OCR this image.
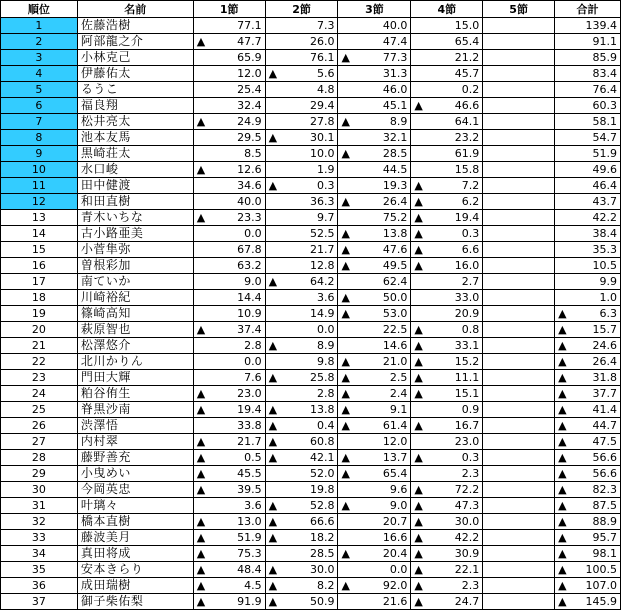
順位	名前	1節	2節	3節	4節	5節	合計
1	佐藤浩樹	77.1	7.3	40.0	15.0		139.4
2	阿部龍之介	▲ 47.7	26.0	47.4	65.4		91.1
3	小林克己	65.9	76.1	▲ 77.3	21.2		85.9
4	伊藤佑太	12.0	▲ 5.6	31.3	45.7		83.4
5	るうこ	25.4	4.8	46.0	0.2		76.4
6	福良翔	32.4	29.4	45.1	▲ 46.6		60.3
7	松井亮太	▲ 24.9	27.8	▲ 8.9	64.1		58.1
8	池本友馬	29.5	▲ 30.1	32.1	23.2		54.7
9	黒崎荘太	8.5	10.0	▲ 28.5	61.9		51.9
10	水口峻	▲ 12.6	1.9	44.5	15.8		49.6
11	田中健渡	34.6	▲ 0.3	19.3	▲ 7.2		46.4
12	和田直樹	40.0	36.3	▲ 26.4	▲ 6.2		43.7
13	青木いちな	▲ 23.3	9.7	75.2	▲ 19.4		42.2
14	古小路亜美	0.0	52.5	▲ 13.8	▲ 0.3		38.4
15	小菅隼弥	67.8	21.7	▲ 47.6	▲ 6.6		35.3
16	曽根彩加	63.2	12.8	▲ 49.5	▲ 16.0		10.5
17	南ていか	9.0	▲ 64.2	62.4	2.7		9.9
18	川崎裕紀	14.4	3.6	▲ 50.0	33.0		1.0
19	篠崎高知	10.9	14.9	▲ 53.0	20.9		▲ 6.3
20	萩原智也	▲ 37.4	0.0	22.5	▲ 0.8		▲ 15.7
21	松澤悠介	2.8	▲ 8.9	14.6	▲ 33.1		▲ 24.6
22	北川かりん	0.0	9.8	▲ 21.0	▲ 15.2		▲ 26.4
23	門田大輝	7.6	▲ 25.8	▲ 2.5	▲ 11.1		▲ 31.8
24	粕谷侑生	▲ 23.0	2.8	▲ 2.4	▲ 15.1		▲ 37.7
25	脊黒沙南	▲ 19.4	▲ 13.8	▲ 9.1	0.9		▲ 41.4
26	渋澤悟	33.8	▲ 0.4	▲ 61.4	▲ 16.7		▲ 44.7
27	内村翠	▲ 21.7	▲ 60.8	12.0	23.0		▲ 47.5
28	藤野善充	▲ 0.5	▲ 42.1	▲ 13.7	▲ 0.3		▲ 56.6
29	小曳めい	▲ 45.5	52.0	▲ 65.4	2.3		▲ 56.6
30	今岡英忠	▲ 39.5	19.8	9.6	▲ 72.2		▲ 82.3
31	叶璃々	3.6	▲ 52.8	▲ 9.0	▲ 47.3		▲ 87.5
32	橋本直樹	▲ 13.0	▲ 66.6	20.7	▲ 30.0		▲ 88.9
33	藤波美月	▲ 51.9	▲ 18.2	16.6	▲ 42.2		▲ 95.7
34	真田将成	▲ 75.3	28.5	▲ 20.4	▲ 30.9		▲ 98.1
35	安本きらり	▲ 48.4	▲ 30.0	0.0	▲ 22.1		▲ 100.5
36	成田瑞樹	▲ 4.5	▲ 8.2	▲ 92.0	▲ 2.3		▲ 107.0
37	御子柴佑梨	▲ 91.9	▲ 50.9	21.6	▲ 24.7		▲ 145.9
